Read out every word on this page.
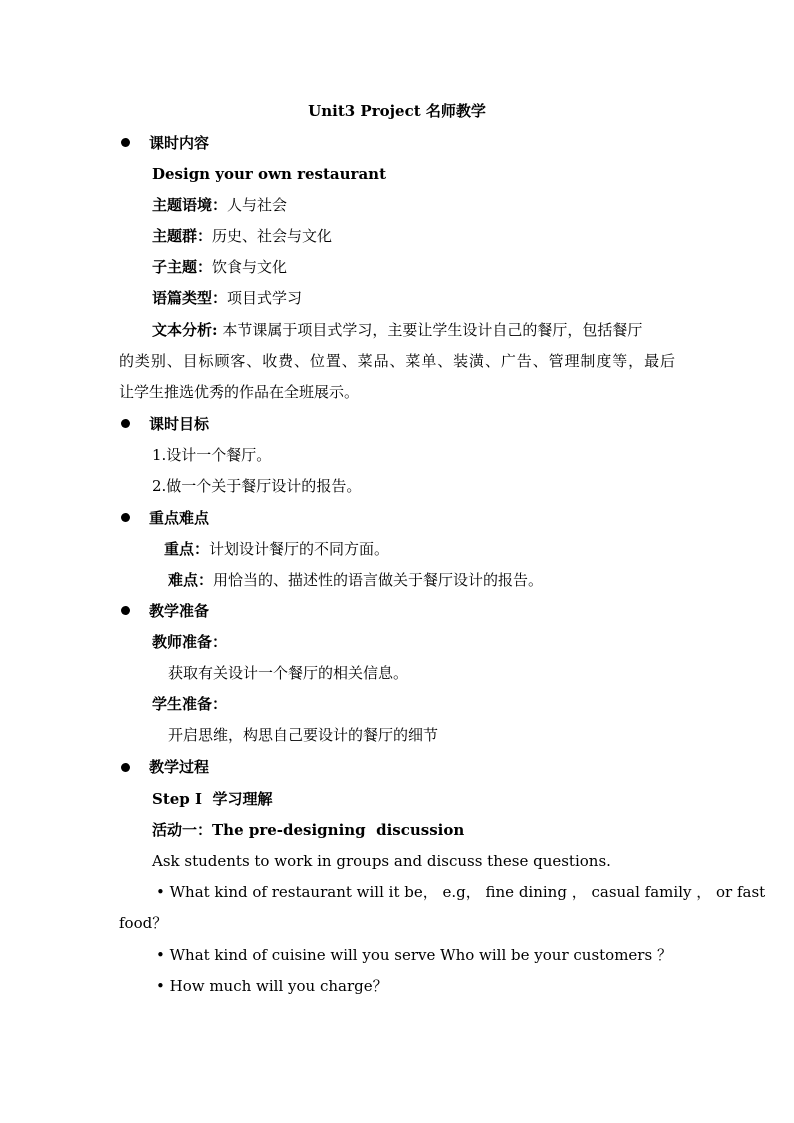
Unit3 Project 名师教学
课时内容
Design your own restaurant
主题语境：人与社会
主题群：历史、社会与文化
子主题：饮食与文化
语篇类型：项目式学习
文本分析: 本节课属于项目式学习，主要让学生设计自己的餐厅，包括餐厅
的类别、目标顾客、收费、位置、菜品、菜单、装潢、广告、管理制度等，最后
让学生推选优秀的作品在全班展示。
课时目标
1.设计一个餐厅。
2.做一个关于餐厅设计的报告。
重点难点
重点：计划设计餐厅的不同方面。
难点：用恰当的、描述性的语言做关于餐厅设计的报告。
教学准备
教师准备：
获取有关设计一个餐厅的相关信息。
学生准备：
开启思维，构思自己要设计的餐厅的细节
教学过程
Step I  学习理解
活动一：The pre-designing  discussion
Ask students to work in groups and discuss these questions.
• What kind of restaurant will it be， e.g， fine dining ， casual family ， or fast
food？
• What kind of cuisine will you serve Who will be your customers ？
• How much will you charge？
